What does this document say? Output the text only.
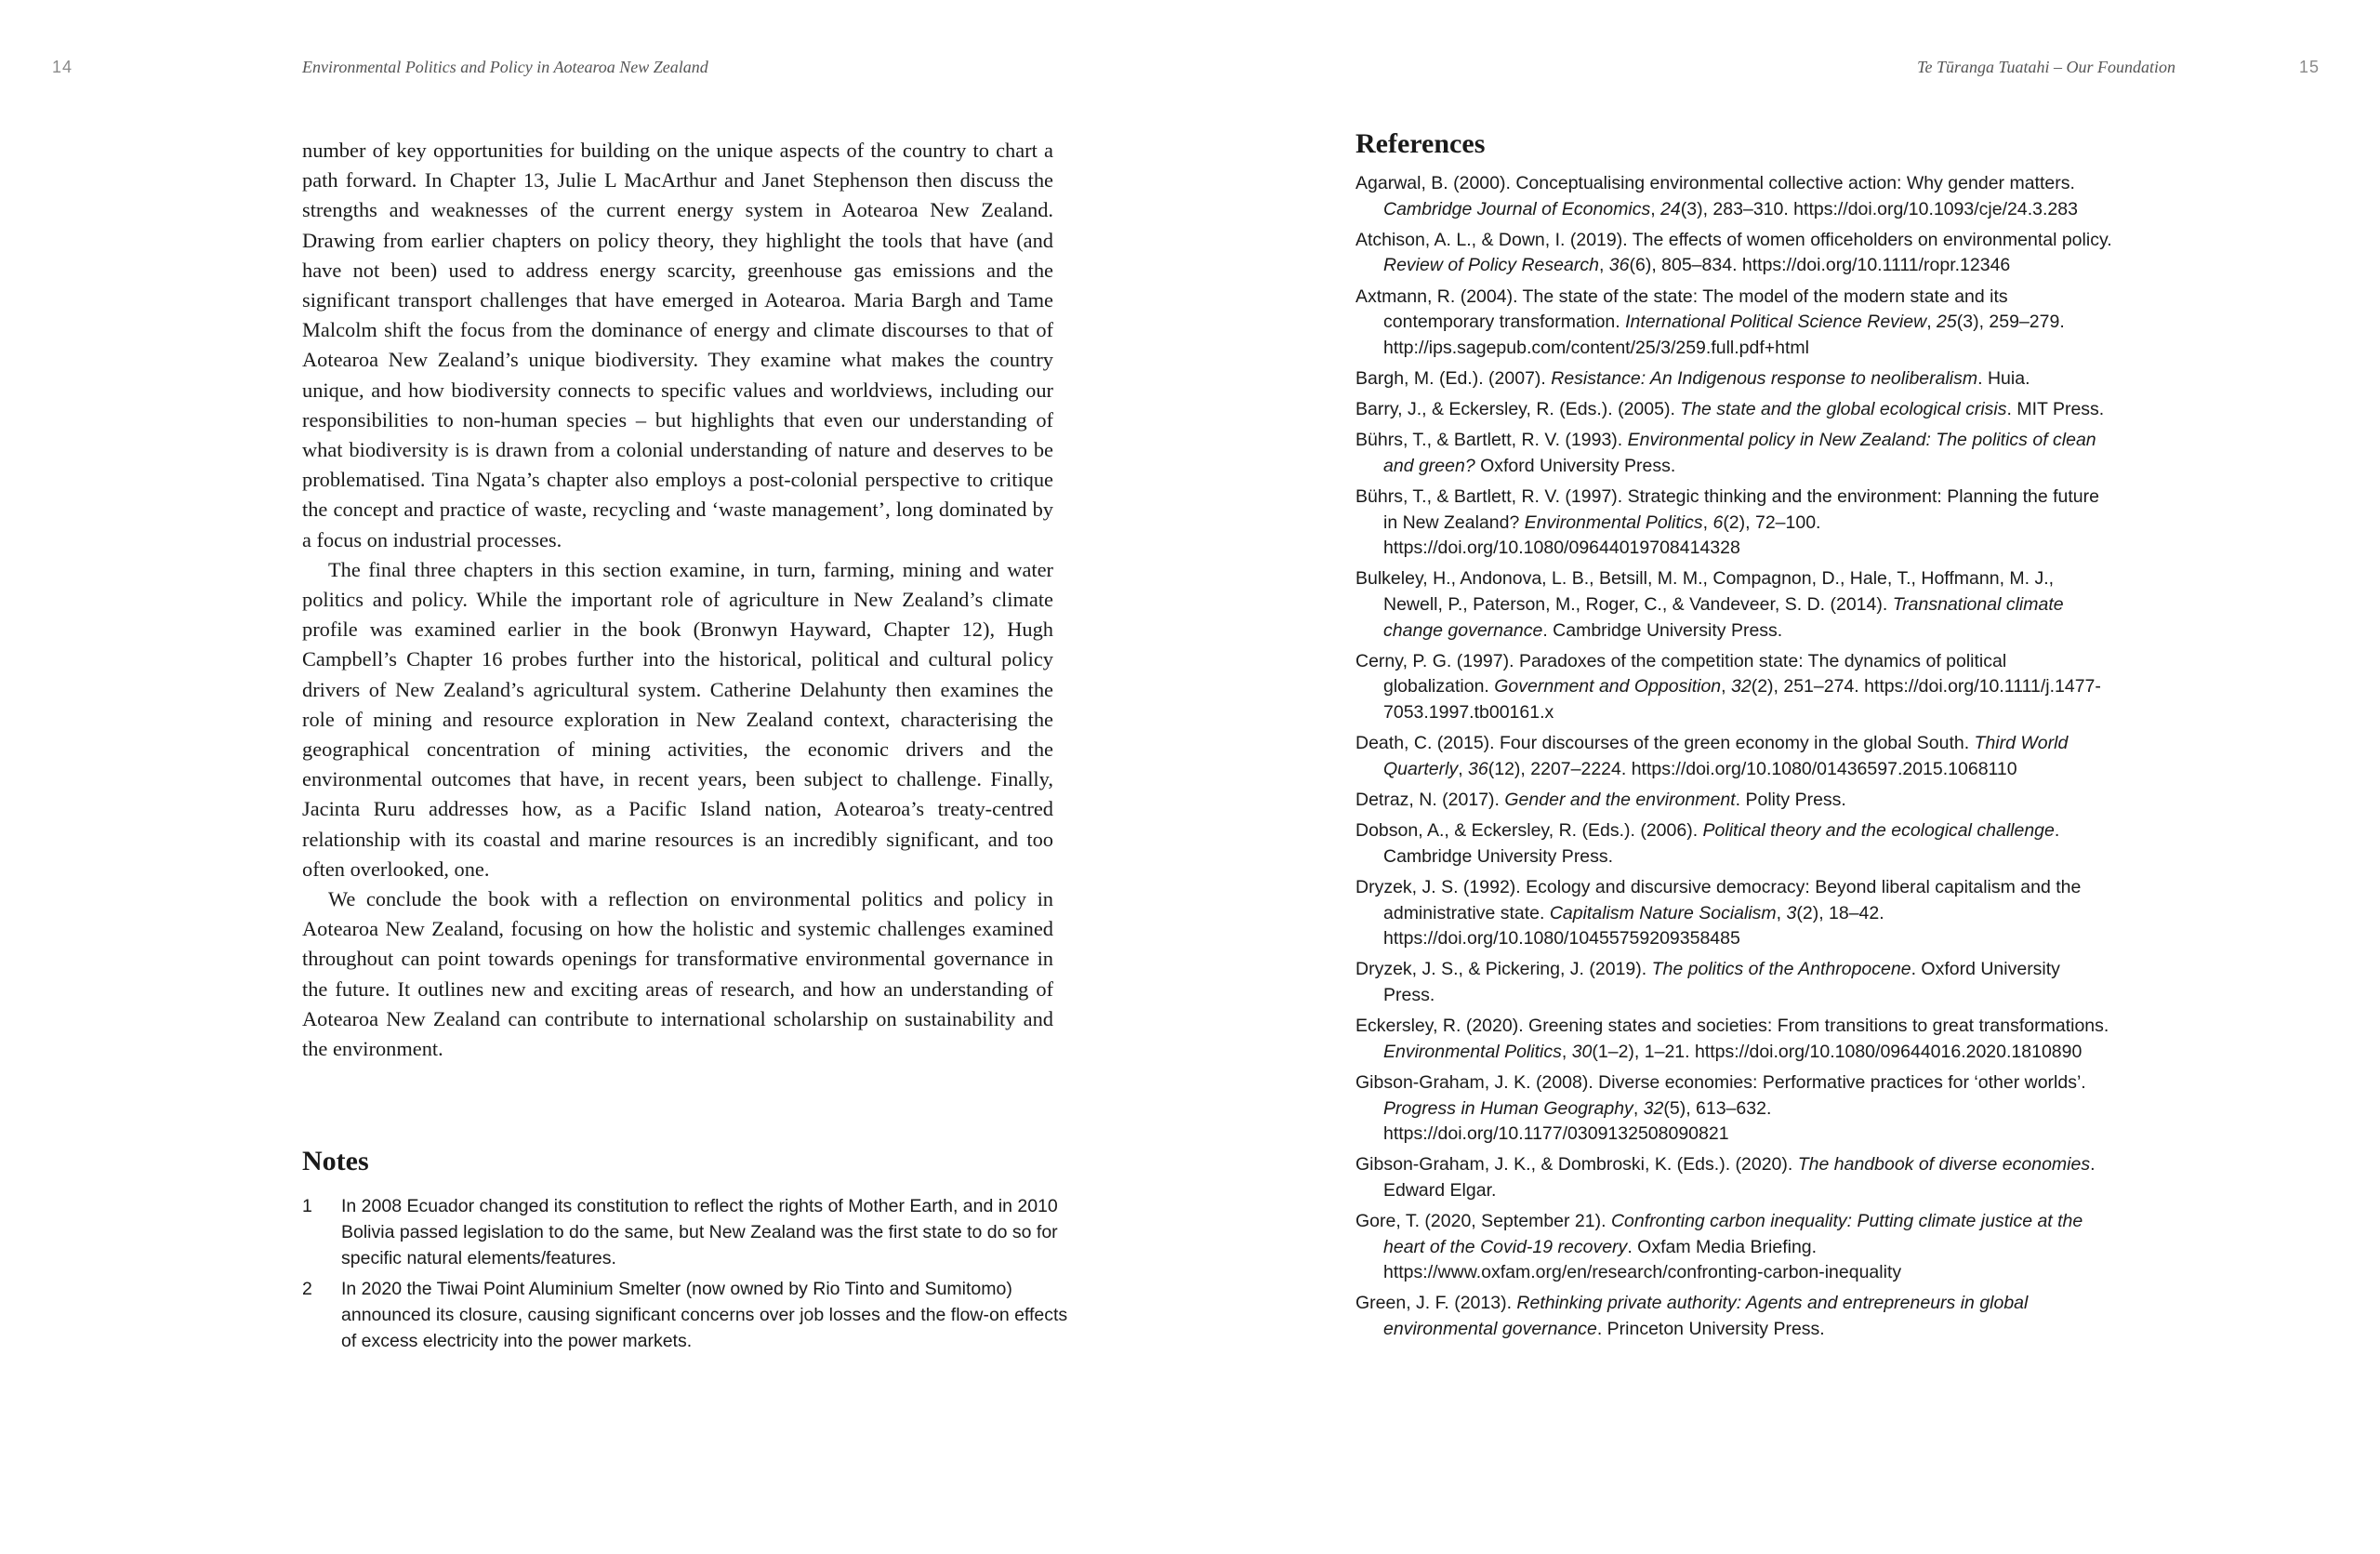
14	Environmental Politics and Policy in Aotearoa New Zealand

number of key opportunities for building on the unique aspects of the country to chart a path forward. In Chapter 13, Julie L MacArthur and Janet Stephenson then discuss the strengths and weaknesses of the current energy system in Aotearoa New Zealand. Drawing from earlier chapters on policy theory, they highlight the tools that have (and have not been) used to address energy scarcity, greenhouse gas emissions and the significant transport challenges that have emerged in Aotearoa. Maria Bargh and Tame Malcolm shift the focus from the dominance of energy and climate discourses to that of Aotearoa New Zealand’s unique biodiversity. They examine what makes the country unique, and how biodiversity connects to specific values and worldviews, including our responsibilities to non-human species – but highlights that even our understanding of what biodiversity is is drawn from a colonial understanding of nature and deserves to be problematised. Tina Ngata’s chapter also employs a post-colonial perspective to critique the concept and practice of waste, recycling and ‘waste management’, long dominated by a focus on industrial processes.

The final three chapters in this section examine, in turn, farming, mining and water politics and policy. While the important role of agriculture in New Zealand’s climate profile was examined earlier in the book (Bronwyn Hayward, Chapter 12), Hugh Campbell’s Chapter 16 probes further into the historical, political and cultural policy drivers of New Zealand’s agricultural system. Catherine Delahunty then examines the role of mining and resource exploration in New Zealand context, characterising the geographical concentration of mining activities, the economic drivers and the environmental outcomes that have, in recent years, been subject to challenge. Finally, Jacinta Ruru addresses how, as a Pacific Island nation, Aotearoa’s treaty-centred relationship with its coastal and marine resources is an incredibly significant, and too often overlooked, one.

We conclude the book with a reflection on environmental politics and policy in Aotearoa New Zealand, focusing on how the holistic and systemic challenges examined throughout can point towards openings for transformative environmental governance in the future. It outlines new and exciting areas of research, and how an understanding of Aotearoa New Zealand can contribute to international scholarship on sustainability and the environment.

Notes
1	In 2008 Ecuador changed its constitution to reflect the rights of Mother Earth, and in 2010 Bolivia passed legislation to do the same, but New Zealand was the first state to do so for specific natural elements/features.
2	In 2020 the Tiwai Point Aluminium Smelter (now owned by Rio Tinto and Sumitomo) announced its closure, causing significant concerns over job losses and the flow-on effects of excess electricity into the power markets.
Te Tūranga Tuatahi – Our Foundation	15
References
Agarwal, B. (2000). Conceptualising environmental collective action: Why gender matters. Cambridge Journal of Economics, 24(3), 283–310. https://doi.org/10.1093/cje/24.3.283
Atchison, A. L., & Down, I. (2019). The effects of women officeholders on environmental policy. Review of Policy Research, 36(6), 805–834. https://doi.org/10.1111/ropr.12346
Axtmann, R. (2004). The state of the state: The model of the modern state and its contemporary transformation. International Political Science Review, 25(3), 259–279. http://ips.sagepub.com/content/25/3/259.full.pdf+html
Bargh, M. (Ed.). (2007). Resistance: An Indigenous response to neoliberalism. Huia.
Barry, J., & Eckersley, R. (Eds.). (2005). The state and the global ecological crisis. MIT Press.
Bührs, T., & Bartlett, R. V. (1993). Environmental policy in New Zealand: The politics of clean and green? Oxford University Press.
Bührs, T., & Bartlett, R. V. (1997). Strategic thinking and the environment: Planning the future in New Zealand? Environmental Politics, 6(2), 72–100. https://doi.org/10.1080/09644019708414328
Bulkeley, H., Andonova, L. B., Betsill, M. M., Compagnon, D., Hale, T., Hoffmann, M. J., Newell, P., Paterson, M., Roger, C., & Vandeveer, S. D. (2014). Transnational climate change governance. Cambridge University Press.
Cerny, P. G. (1997). Paradoxes of the competition state: The dynamics of political globalization. Government and Opposition, 32(2), 251–274. https://doi.org/10.1111/j.1477-7053.1997.tb00161.x
Death, C. (2015). Four discourses of the green economy in the global South. Third World Quarterly, 36(12), 2207–2224. https://doi.org/10.1080/01436597.2015.1068110
Detraz, N. (2017). Gender and the environment. Polity Press.
Dobson, A., & Eckersley, R. (Eds.). (2006). Political theory and the ecological challenge. Cambridge University Press.
Dryzek, J. S. (1992). Ecology and discursive democracy: Beyond liberal capitalism and the administrative state. Capitalism Nature Socialism, 3(2), 18–42. https://doi.org/10.1080/10455759209358485
Dryzek, J. S., & Pickering, J. (2019). The politics of the Anthropocene. Oxford University Press.
Eckersley, R. (2020). Greening states and societies: From transitions to great transformations. Environmental Politics, 30(1–2), 1–21. https://doi.org/10.1080/09644016.2020.1810890
Gibson-Graham, J. K. (2008). Diverse economies: Performative practices for ‘other worlds’. Progress in Human Geography, 32(5), 613–632. https://doi.org/10.1177/0309132508090821
Gibson-Graham, J. K., & Dombroski, K. (Eds.). (2020). The handbook of diverse economies. Edward Elgar.
Gore, T. (2020, September 21). Confronting carbon inequality: Putting climate justice at the heart of the Covid-19 recovery. Oxfam Media Briefing. https://www.oxfam.org/en/research/confronting-carbon-inequality
Green, J. F. (2013). Rethinking private authority: Agents and entrepreneurs in global environmental governance. Princeton University Press.
